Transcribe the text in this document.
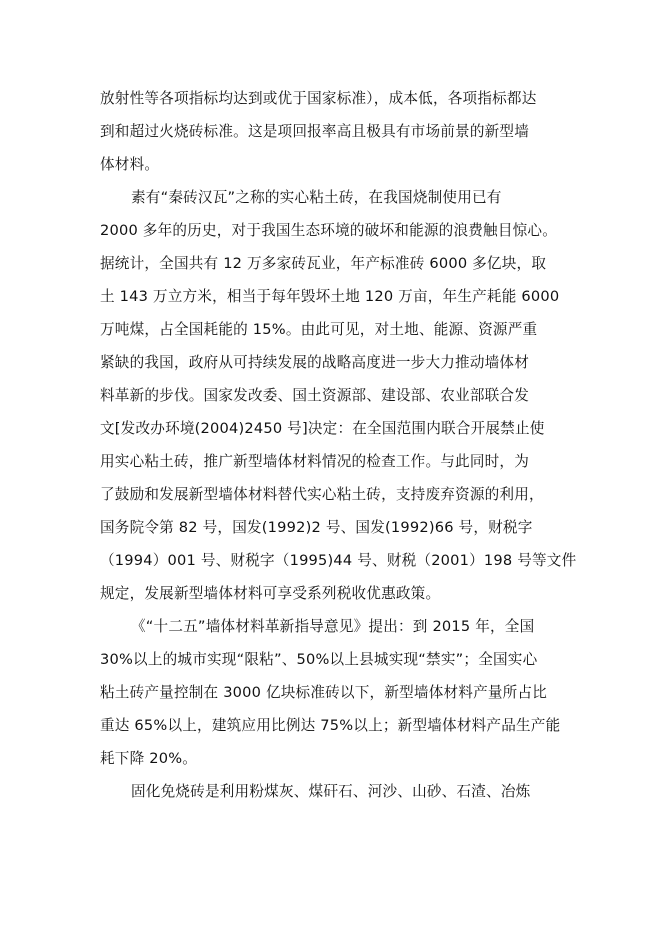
放射性等各项指标均达到或优于国家标准），成本低，各项指标都达
到和超过火烧砖标准。这是项回报率高且极具有市场前景的新型墙
体材料。
素有“秦砖汉瓦”之称的实心粘土砖，在我国烧制使用已有
2000 多年的历史，对于我国生态环境的破坏和能源的浪费触目惊心。
据统计，全国共有 12 万多家砖瓦业，年产标准砖 6000 多亿块，取
土 143 万立方米，相当于每年毁坏土地 120 万亩，年生产耗能 6000
万吨煤，占全国耗能的 15%。由此可见，对土地、能源、资源严重
紧缺的我国，政府从可持续发展的战略高度进一步大力推动墙体材
料革新的步伐。国家发改委、国土资源部、建设部、农业部联合发
文[发改办环境(2004)2450 号]决定：在全国范围内联合开展禁止使
用实心粘土砖，推广新型墙体材料情况的检查工作。与此同时，为
了鼓励和发展新型墙体材料替代实心粘土砖，支持废弃资源的利用，
国务院令第 82 号，国发(1992)2 号、国发(1992)66 号，财税字
（1994）001 号、财税字（1995)44 号、财税（2001）198 号等文件
规定，发展新型墙体材料可享受系列税收优惠政策。
《“十二五”墙体材料革新指导意见》提出：到 2015 年，全国
30%以上的城市实现“限粘”、50%以上县城实现“禁实”；全国实心
粘土砖产量控制在 3000 亿块标准砖以下，新型墙体材料产量所占比
重达 65%以上，建筑应用比例达 75%以上；新型墙体材料产品生产能
耗下降 20%。
固化免烧砖是利用粉煤灰、煤矸石、河沙、山砂、石渣、冶炼
